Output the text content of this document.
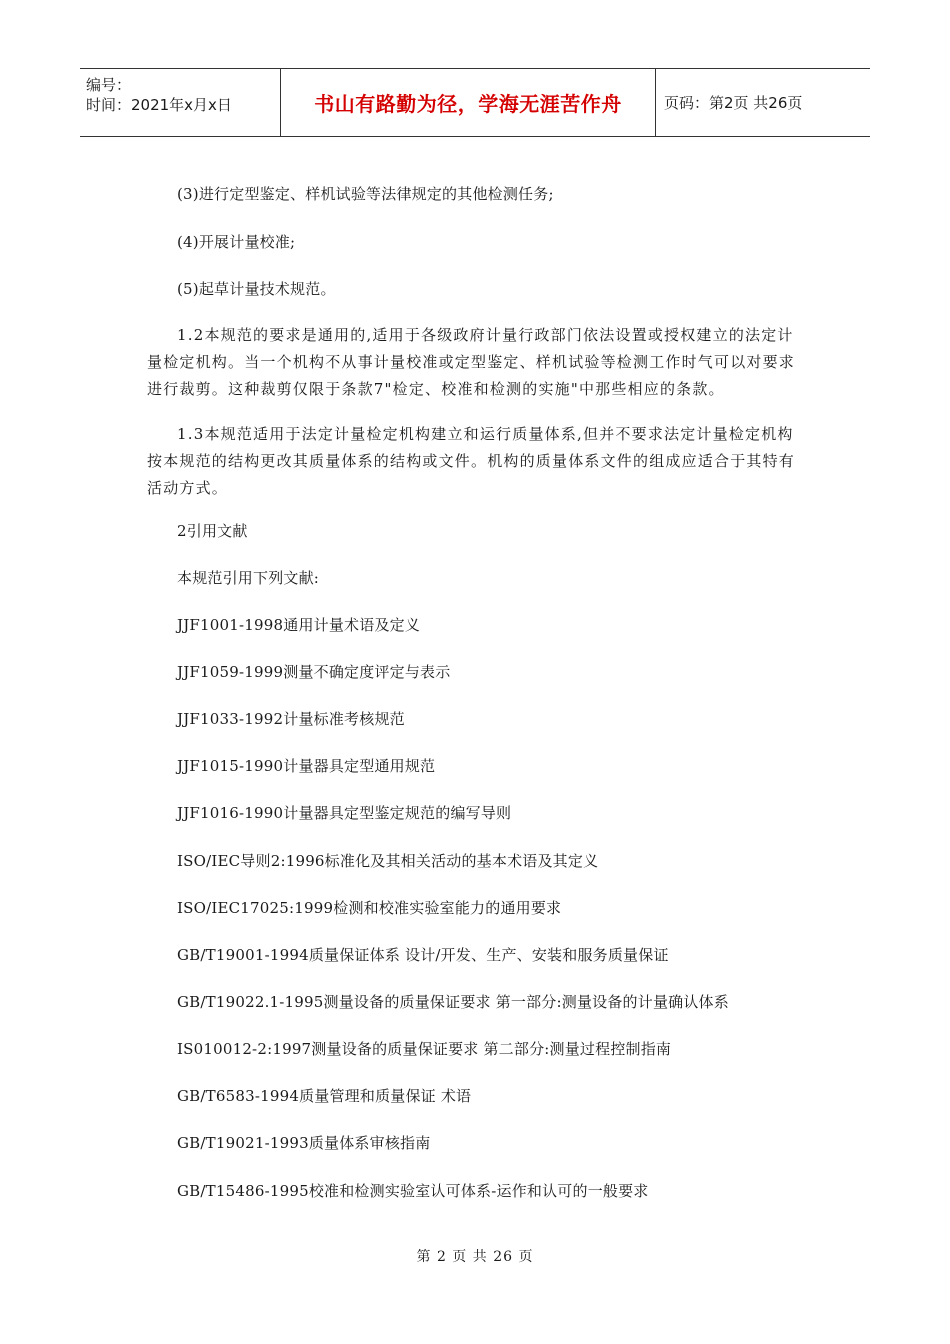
编号：
时间：2021年x月x日	书山有路勤为径，学海无涯苦作舟	页码：第2页 共26页
(3)进行定型鉴定、样机试验等法律规定的其他检测任务;
(4)开展计量校准;
(5)起草计量技术规范。
1.2本规范的要求是通用的,适用于各级政府计量行政部门依法设置或授权建立的法定计量检定机构。当一个机构不从事计量校准或定型鉴定、样机试验等检测工作时气可以对要求进行裁剪。这种裁剪仅限于条款7"检定、校准和检测的实施"中那些相应的条款。
1.3本规范适用于法定计量检定机构建立和运行质量体系,但并不要求法定计量检定机构按本规范的结构更改其质量体系的结构或文件。机构的质量体系文件的组成应适合于其特有活动方式。
2引用文献
本规范引用下列文献:
JJF1001-1998通用计量术语及定义
JJF1059-1999测量不确定度评定与表示
JJF1033-1992计量标准考核规范
JJF1015-1990计量器具定型通用规范
JJF1016-1990计量器具定型鉴定规范的编写导则
ISO/IEC导则2:1996标准化及其相关活动的基本术语及其定义
ISO/IEC17025:1999检测和校准实验室能力的通用要求
GB/T19001-1994质量保证体系 设计/开发、生产、安装和服务质量保证
GB/T19022.1-1995测量设备的质量保证要求 第一部分:测量设备的计量确认体系
IS010012-2:1997测量设备的质量保证要求 第二部分:测量过程控制指南
GB/T6583-1994质量管理和质量保证 术语
GB/T19021-1993质量体系审核指南
GB/T15486-1995校准和检测实验室认可体系-运作和认可的一般要求
第 2 页 共 26 页
